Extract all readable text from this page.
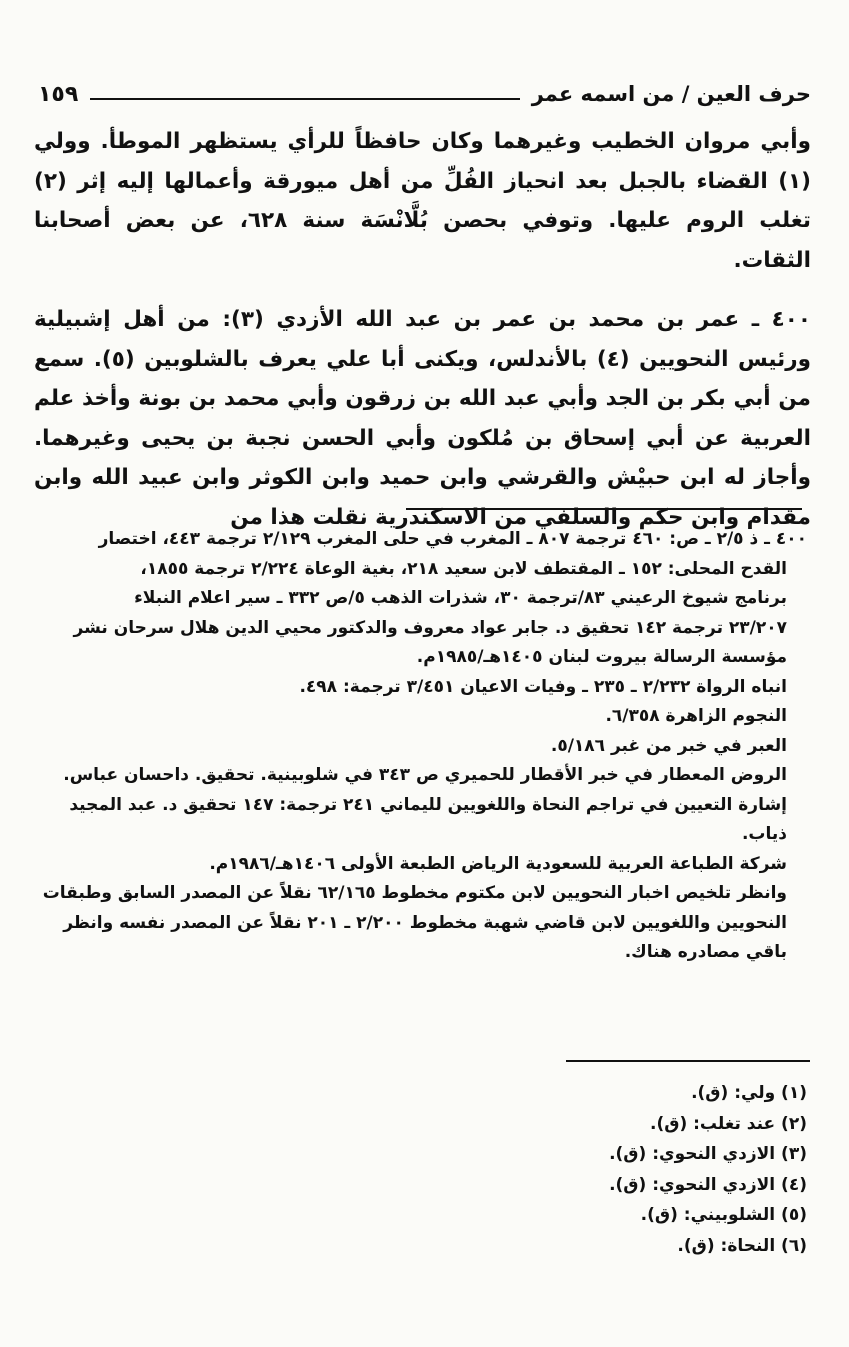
حرف العين / من اسمه عمر
١٥٩

وأبي مروان الخطيب وغيرهما وكان حافظاً للرأي يستظهر الموطأ. وولي (١) القضاء بالجبل بعد انحياز الفُلِّ من أهل ميورقة وأعمالها إليه إثر (٢) تغلب الروم عليها. وتوفي بحصن بُلَّانْسَة سنة ٦٢٨، عن بعض أصحابنا الثقات.

٤٠٠ ـ عمر بن محمد بن عمر بن عبد الله الأزدي (٣): من أهل إشبيلية ورئيس النحويين (٤) بالأندلس، ويكنى أبا علي يعرف بالشلوبين (٥). سمع من أبي بكر بن الجد وأبي عبد الله بن زرقون وأبي محمد بن بونة وأخذ علم العربية عن أبي إسحاق بن مُلكون وأبي الحسن نجبة بن يحيى وغيرهما. وأجاز له ابن حبيْش والقرشي وابن حميد وابن الكوثر وابن عبيد الله وابن مقدام وابن حكم والسلفي من الاسكندرية نقلت هذا من

٤٠٠ ـ ذ ٢/٥ ـ ص: ٤٦٠ ترجمة ٨٠٧ ـ المغرب في حلى المغرب ٢/١٢٩ ترجمة ٤٤٣، اختصار
القدح المحلى: ١٥٢ ـ المقتطف لابن سعيد ٢١٨، بغية الوعاة ٢/٢٢٤ ترجمة ١٨٥٥،
برنامج شيوخ الرعيني ٨٣/ترجمة ٣٠، شذرات الذهب ٥/ص ٣٣٢ ـ سير اعلام النبلاء
٢٣/٢٠٧ ترجمة ١٤٢ تحقيق د. جابر عواد معروف والدكتور محيي الدين هلال سرحان نشر
مؤسسة الرسالة بيروت لبنان ١٤٠٥هـ/١٩٨٥م.
انباه الرواة ٢/٢٣٢ ـ ٢٣٥ ـ وفيات الاعيان ٣/٤٥١ ترجمة: ٤٩٨.
النجوم الزاهرة ٦/٣٥٨.
العبر في خبر من غبر ٥/١٨٦.
الروض المعطار في خبر الأقطار للحميري ص ٣٤٣ في شلوبينية. تحقيق. داحسان عباس.
إشارة التعيين في تراجم النحاة واللغويين لليماني ٢٤١ ترجمة: ١٤٧ تحقيق د. عبد المجيد
ذياب.
شركة الطباعة العربية للسعودية الرياض الطبعة الأولى ١٤٠٦هـ/١٩٨٦م.
وانظر تلخيص اخبار النحويين لابن مكتوم مخطوط ٦٢/١٦٥ نقلاً عن المصدر السابق وطبقات
النحويين واللغويين لابن قاضي شهبة مخطوط ٢/٢٠٠ ـ ٢٠١ نقلاً عن المصدر نفسه وانظر
باقي مصادره هناك.
(١) ولي: (ق).
(٢) عند تغلب: (ق).
(٣) الازدي النحوي: (ق).
(٤) الازدي النحوي: (ق).
(٥) الشلوبيني: (ق).
(٦) النحاة: (ق).
